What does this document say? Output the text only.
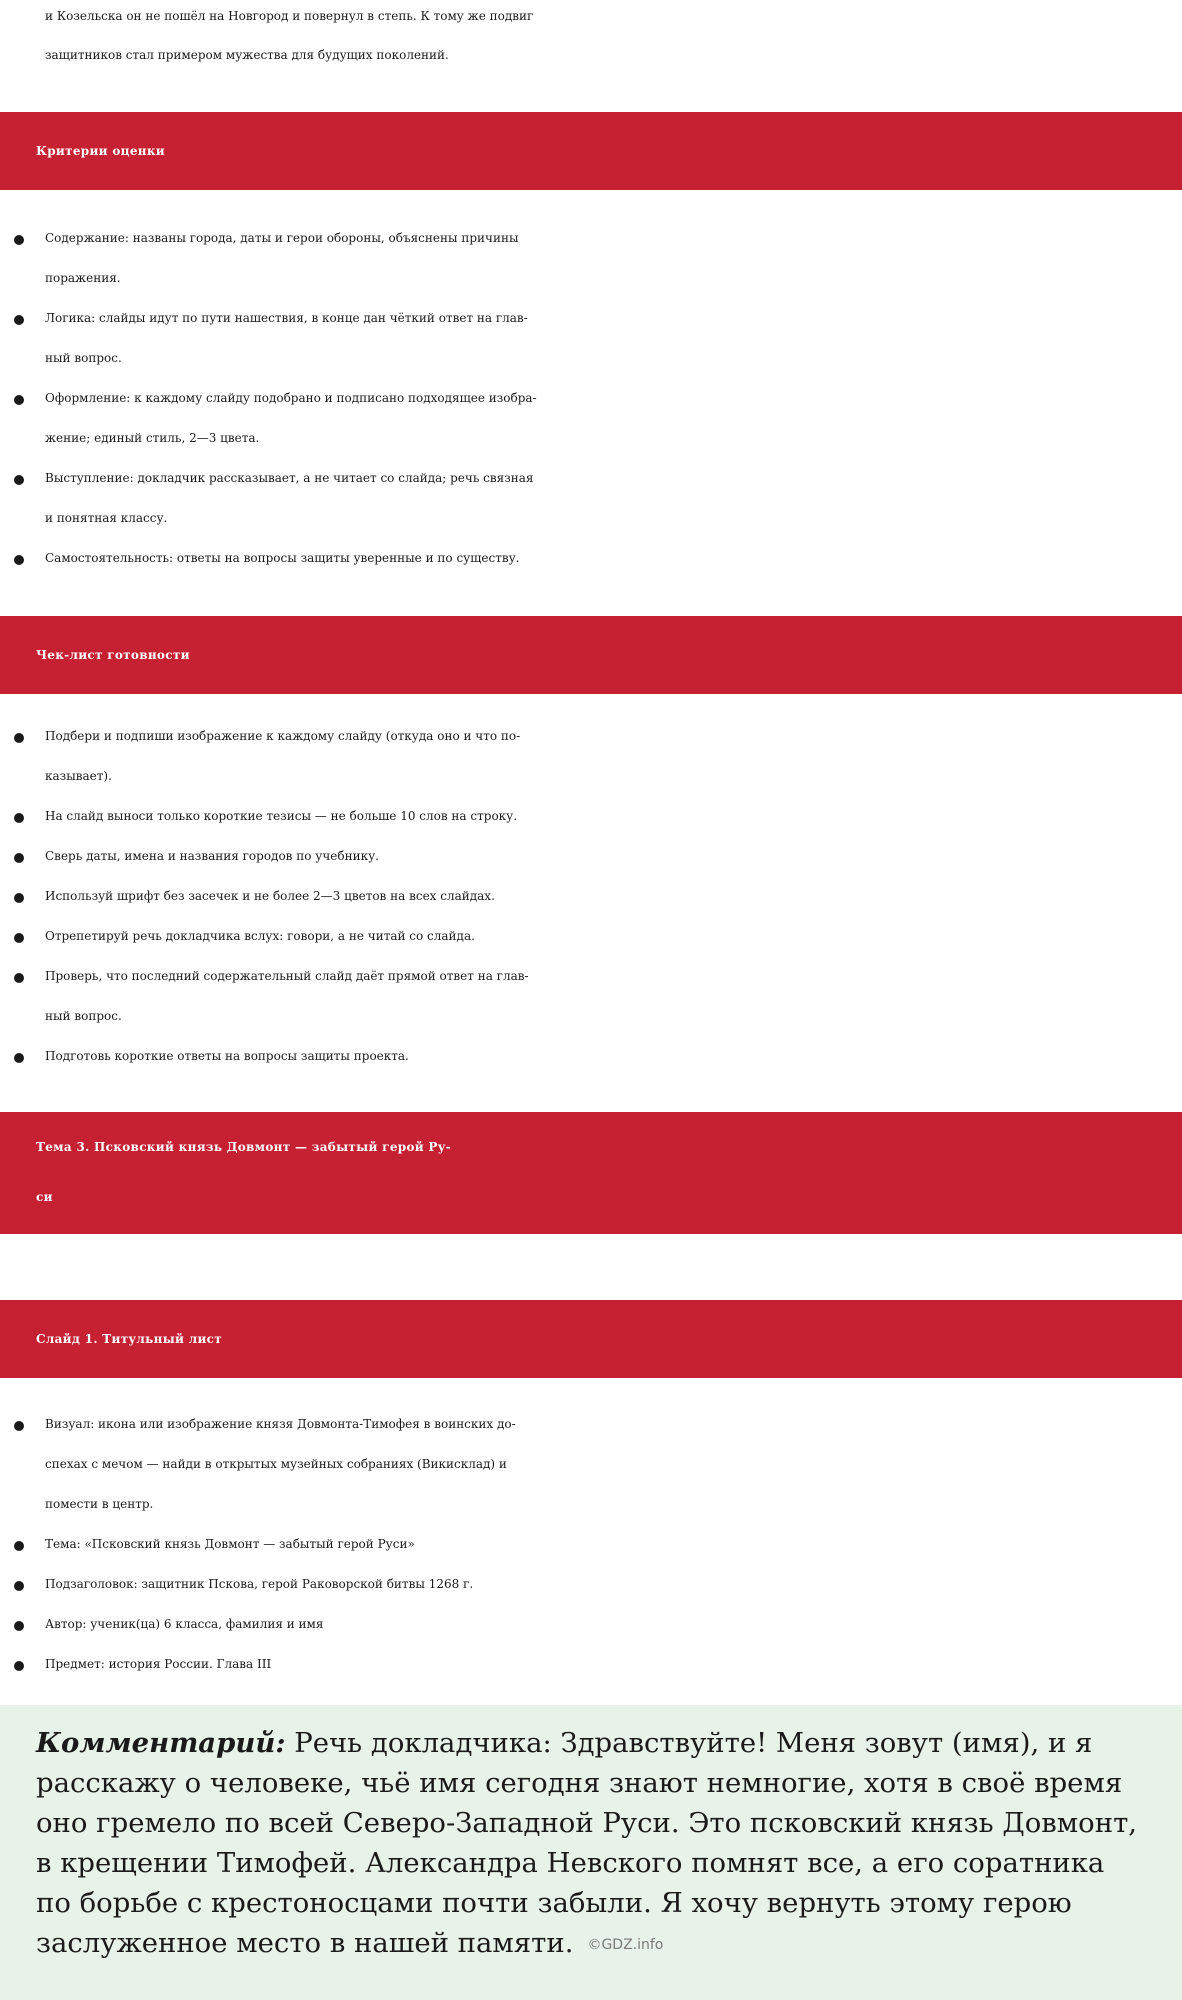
и Козельска он не пошёл на Новгород и повернул в степь. К тому же подвиг
защитников стал примером мужества для будущих поколений.
Критерии оценки
Содержание: названы города, даты и герои обороны, объяснены причины
поражения.
Логика: слайды идут по пути нашествия, в конце дан чёткий ответ на глав-
ный вопрос.
Оформление: к каждому слайду подобрано и подписано подходящее изобра-
жение; единый стиль, 2—3 цвета.
Выступление: докладчик рассказывает, а не читает со слайда; речь связная
и понятная классу.
Самостоятельность: ответы на вопросы защиты уверенные и по существу.
Чек-лист готовности
Подбери и подпиши изображение к каждому слайду (откуда оно и что по-
казывает).
На слайд выноси только короткие тезисы — не больше 10 слов на строку.
Сверь даты, имена и названия городов по учебнику.
Используй шрифт без засечек и не более 2—3 цветов на всех слайдах.
Отрепетируй речь докладчика вслух: говори, а не читай со слайда.
Проверь, что последний содержательный слайд даёт прямой ответ на глав-
ный вопрос.
Подготовь короткие ответы на вопросы защиты проекта.
Тема 3. Псковский князь Довмонт — забытый герой Ру-
си
Слайд 1. Титульный лист
Визуал: икона или изображение князя Довмонта-Тимофея в воинских до-
спехах с мечом — найди в открытых музейных собраниях (Викисклад) и
помести в центр.
Тема: «Псковский князь Довмонт — забытый герой Руси»
Подзаголовок: защитник Пскова, герой Раковорской битвы 1268 г.
Автор: ученик(ца) 6 класса, фамилия и имя
Предмет: история России. Глава III
Комментарий: Речь докладчика: Здравствуйте! Меня зовут (имя), и я
расскажу о человеке, чьё имя сегодня знают немногие, хотя в своё время
оно гремело по всей Северо-Западной Руси. Это псковский князь Довмонт,
в крещении Тимофей. Александра Невского помнят все, а его соратника
по борьбе с крестоносцами почти забыли. Я хочу вернуть этому герою
заслуженное место в нашей памяти. ©GDZ.info
